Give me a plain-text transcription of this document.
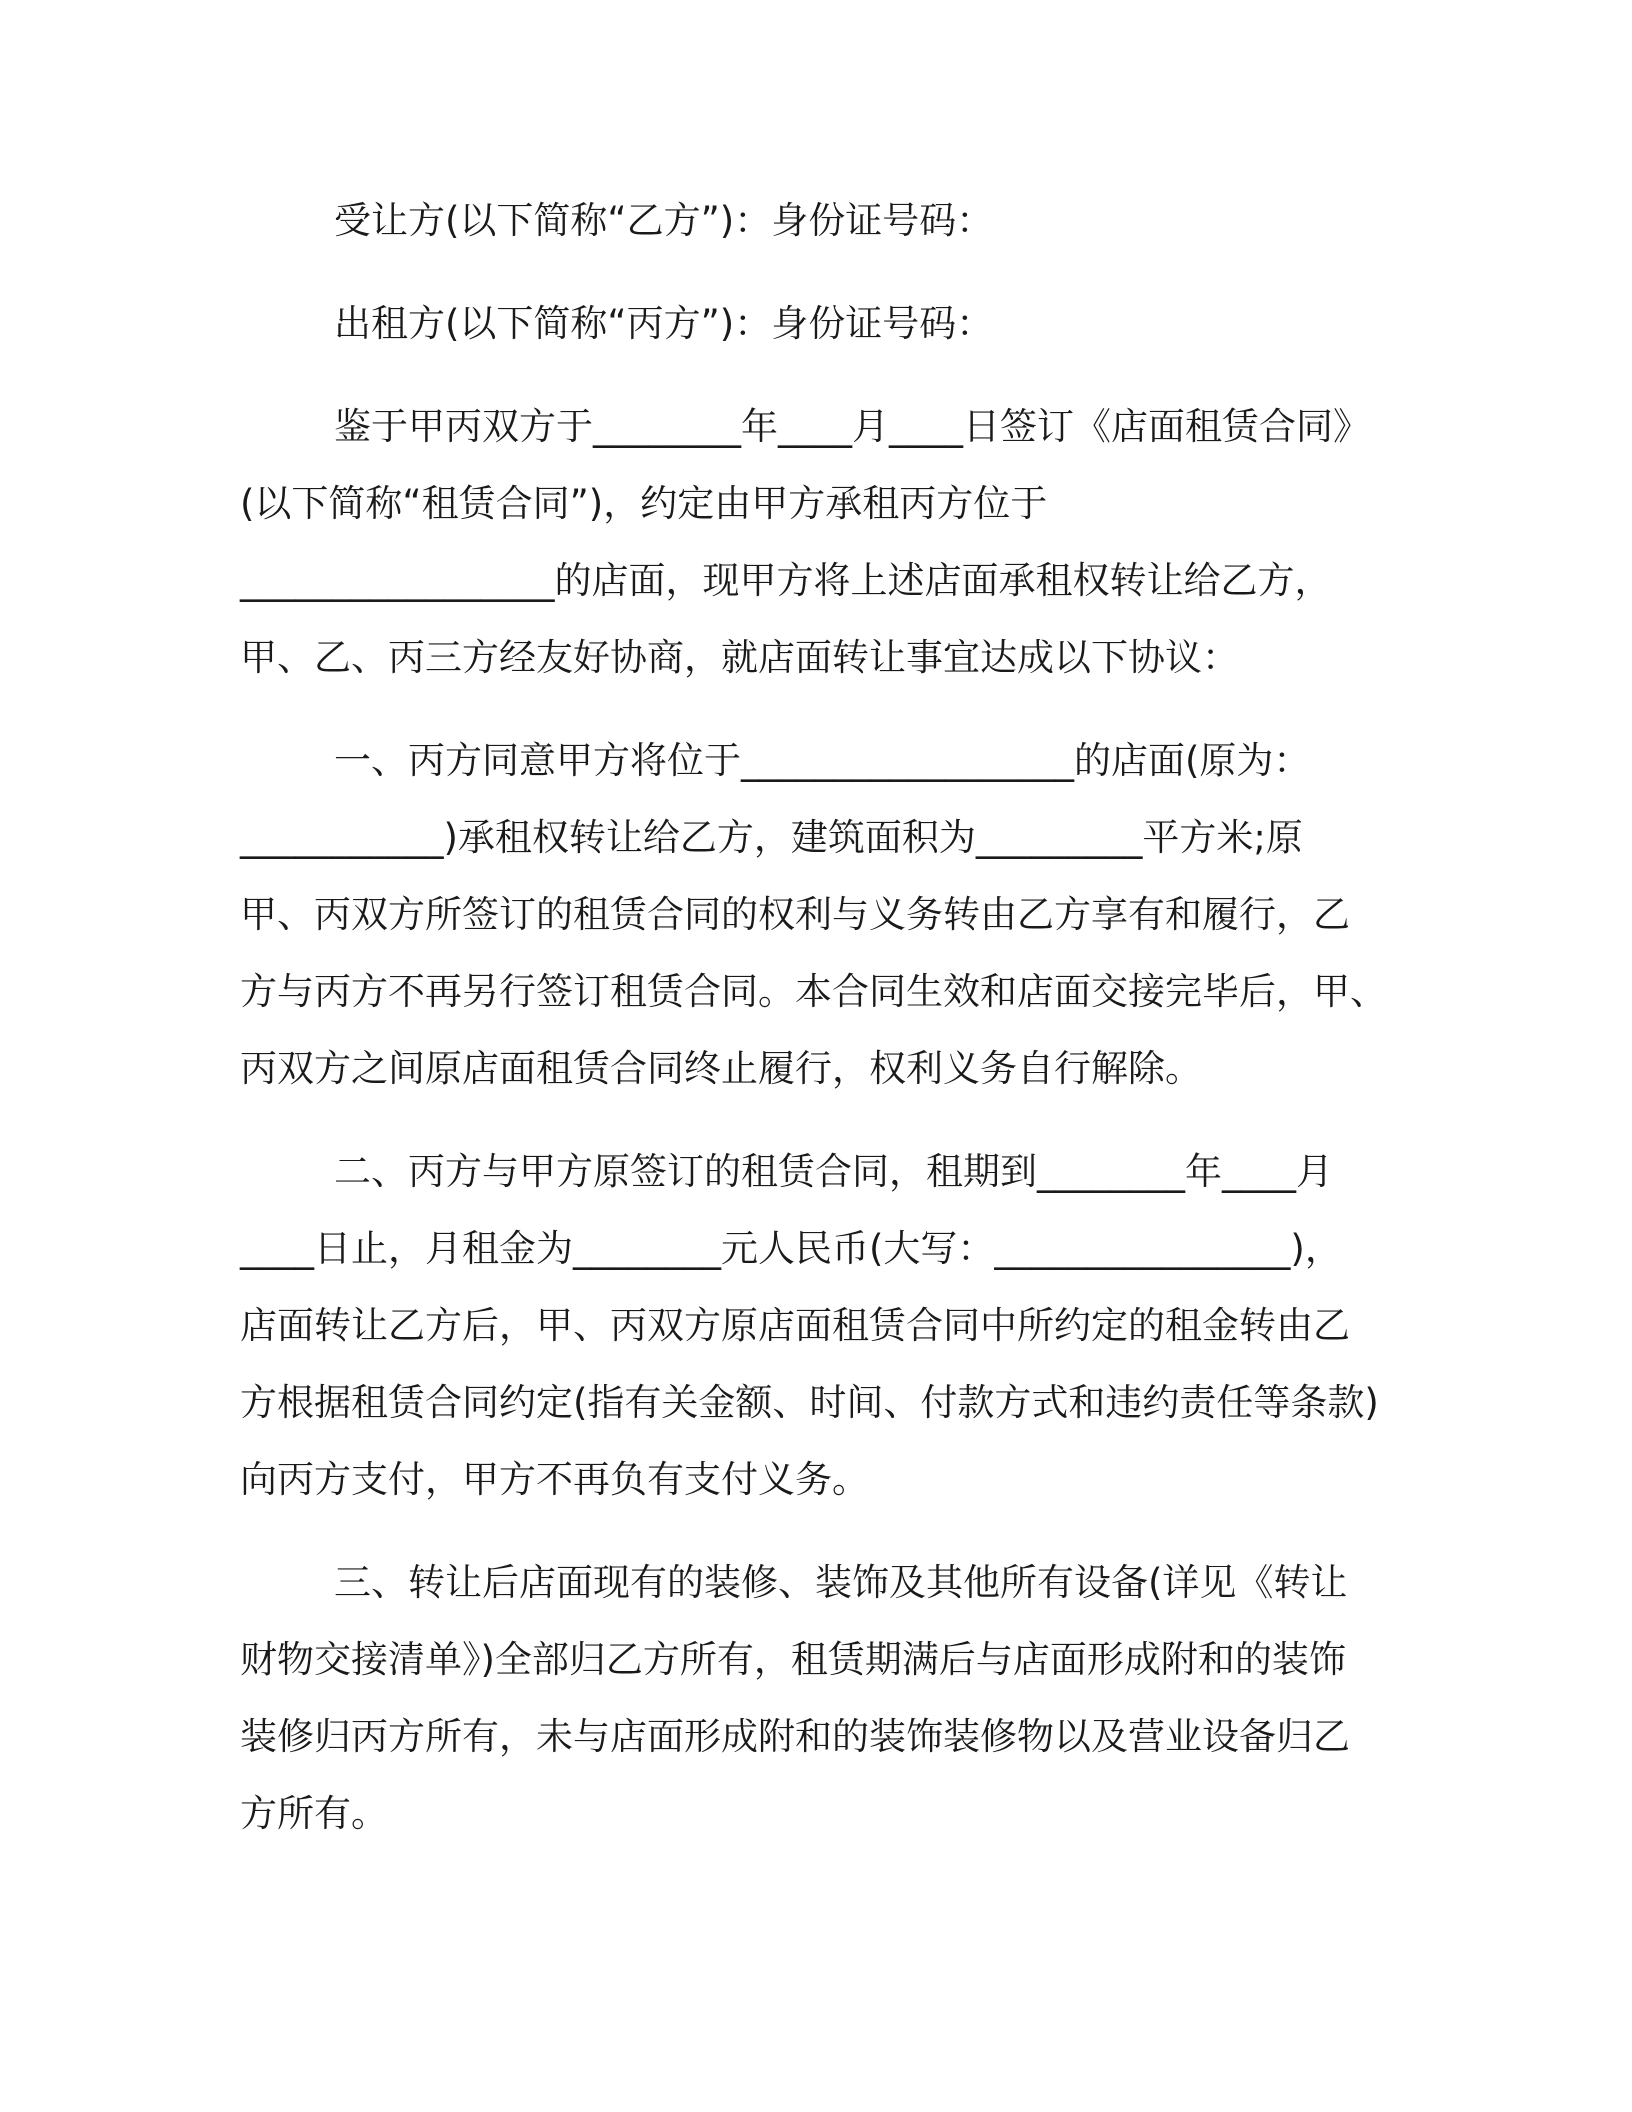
受让方(以下简称“乙方”)：身份证号码：
出租方(以下简称“丙方”)：身份证号码：
鉴于甲丙双方于________年____月____日签订《店面租赁合同》
(以下简称“租赁合同”)，约定由甲方承租丙方位于
_________________的店面，现甲方将上述店面承租权转让给乙方，
甲、乙、丙三方经友好协商，就店面转让事宜达成以下协议：
一、丙方同意甲方将位于__________________的店面(原为：
___________)承租权转让给乙方，建筑面积为_________平方米;原
甲、丙双方所签订的租赁合同的权利与义务转由乙方享有和履行，乙
方与丙方不再另行签订租赁合同。本合同生效和店面交接完毕后，甲、
丙双方之间原店面租赁合同终止履行，权利义务自行解除。
二、丙方与甲方原签订的租赁合同，租期到________年____月
____日止，月租金为________元人民币(大写：________________)，
店面转让乙方后，甲、丙双方原店面租赁合同中所约定的租金转由乙
方根据租赁合同约定(指有关金额、时间、付款方式和违约责任等条款)
向丙方支付，甲方不再负有支付义务。
三、转让后店面现有的装修、装饰及其他所有设备(详见《转让
财物交接清单》)全部归乙方所有，租赁期满后与店面形成附和的装饰
装修归丙方所有，未与店面形成附和的装饰装修物以及营业设备归乙
方所有。
